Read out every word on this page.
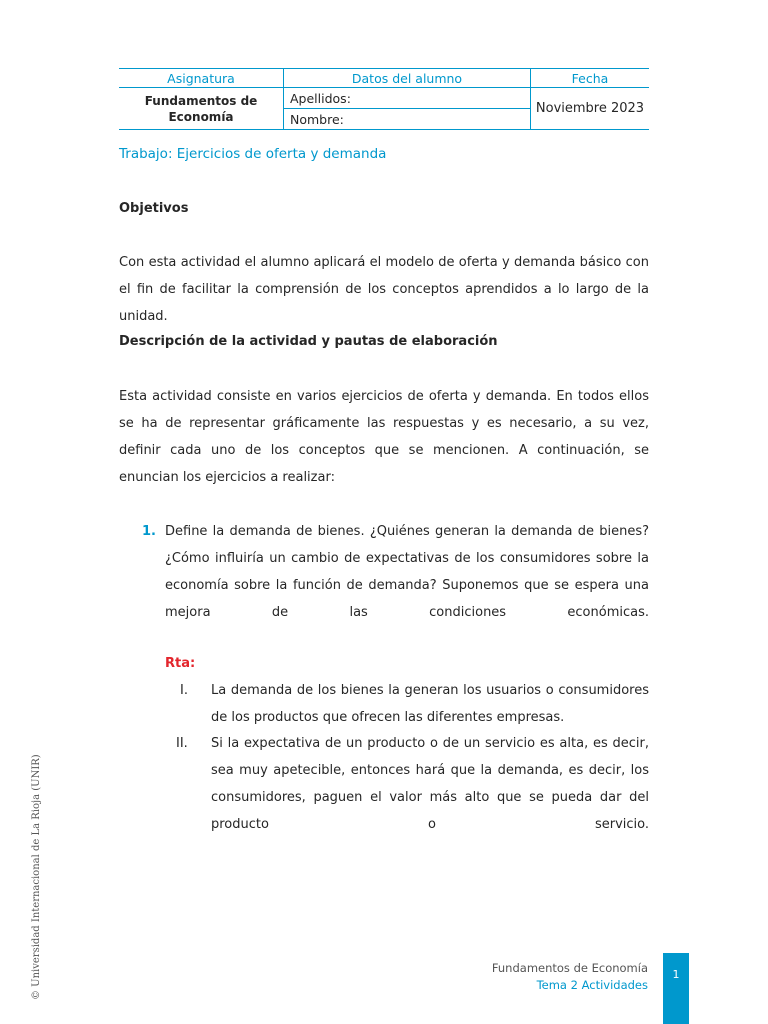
Asignatura	Datos del alumno	Fecha
Fundamentos de Economía	Apellidos:	Noviembre 2023
	Nombre:	
Trabajo: Ejercicios de oferta y demanda
Objetivos

Con esta actividad el alumno aplicará el modelo de oferta y demanda básico con el fin de facilitar la comprensión de los conceptos aprendidos a lo largo de la unidad.

Descripción de la actividad y pautas de elaboración

Esta actividad consiste en varios ejercicios de oferta y demanda. En todos ellos se ha de representar gráficamente las respuestas y es necesario, a su vez, definir cada uno de los conceptos que se mencionen. A continuación, se enuncian los ejercicios a realizar:

1. Define la demanda de bienes. ¿Quiénes generan la demanda de bienes? ¿Cómo influiría un cambio de expectativas de los consumidores sobre la economía sobre la función de demanda? Suponemos que se espera una mejora de las condiciones económicas.

Rta:
I. La demanda de los bienes la generan los usuarios o consumidores de los productos que ofrecen las diferentes empresas.

II. Si la expectativa de un producto o de un servicio es alta, es decir, sea muy apetecible, entonces hará que la demanda, es decir, los consumidores, paguen el valor más alto que se pueda dar del producto o servicio.

© Universidad Internacional de La Rioja (UNIR)	Fundamentos de Economía
Tema 2 Actividades
1
